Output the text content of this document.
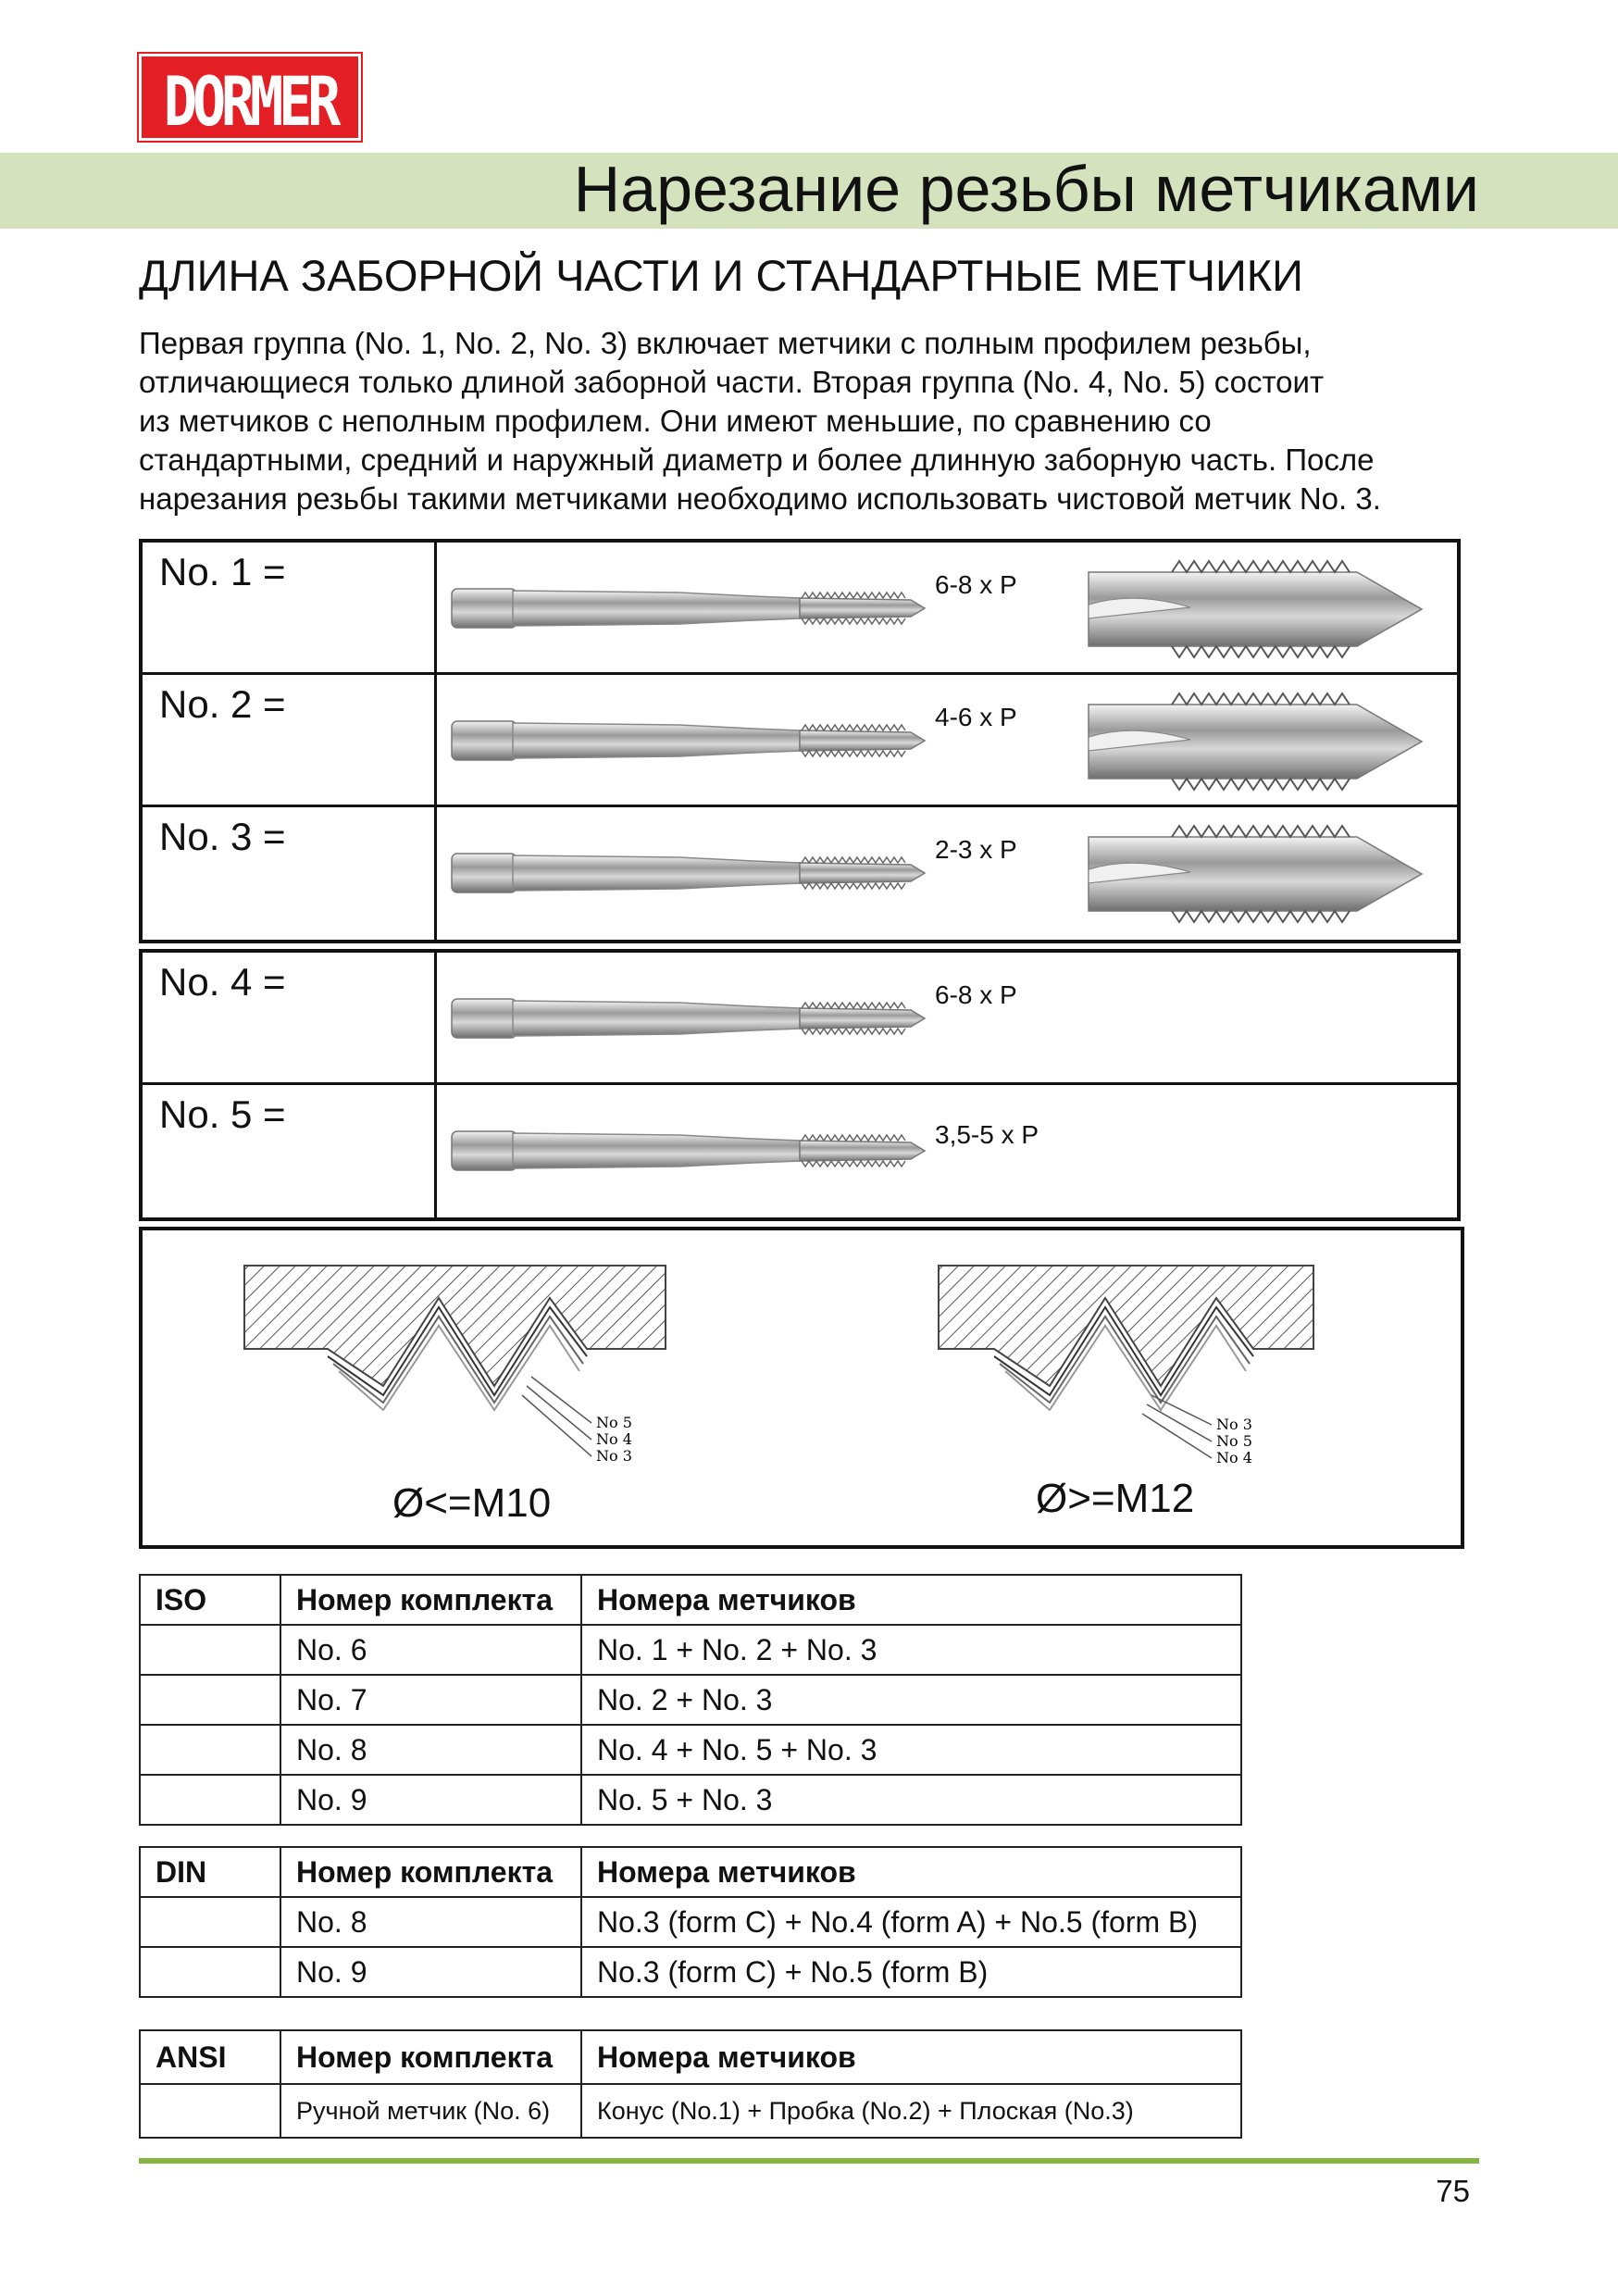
DORMER
Нарезание резьбы метчиками
ДЛИНА ЗАБОРНОЙ ЧАСТИ И СТАНДАРТНЫЕ МЕТЧИКИ
Первая группа (No. 1, No. 2, No. 3) включает метчики с полным профилем резьбы,
отличающиеся только длиной заборной части. Вторая группа (No. 4, No. 5) состоит
из метчиков с неполным профилем. Они имеют меньшие, по сравнению со
стандартными, средний и наружный диаметр и более длинную заборную часть. После
нарезания резьбы такими метчиками необходимо использовать чистовой метчик No. 3.
No. 1 =	6-8 x P
No. 2 =	4-6 x P
No. 3 =	2-3 x P
No. 4 =	6-8 x P
No. 5 =	3,5-5 x P
No 5
No 4
No 3
Ø<=M10
No 3
No 5
No 4
Ø>=M12
ISO	Номер комплекта	Номера метчиков
	No. 6	No. 1 + No. 2 + No. 3
	No. 7	No. 2 + No. 3
	No. 8	No. 4 + No. 5 + No. 3
	No. 9	No. 5 + No. 3
DIN	Номер комплекта	Номера метчиков
	No. 8	No.3 (form C) + No.4 (form A) + No.5 (form B)
	No. 9	No.3 (form C) + No.5 (form B)
ANSI	Номер комплекта	Номера метчиков
	Ручной метчик (No. 6)	Конус (No.1) + Пробка (No.2) + Плоская (No.3)
75
